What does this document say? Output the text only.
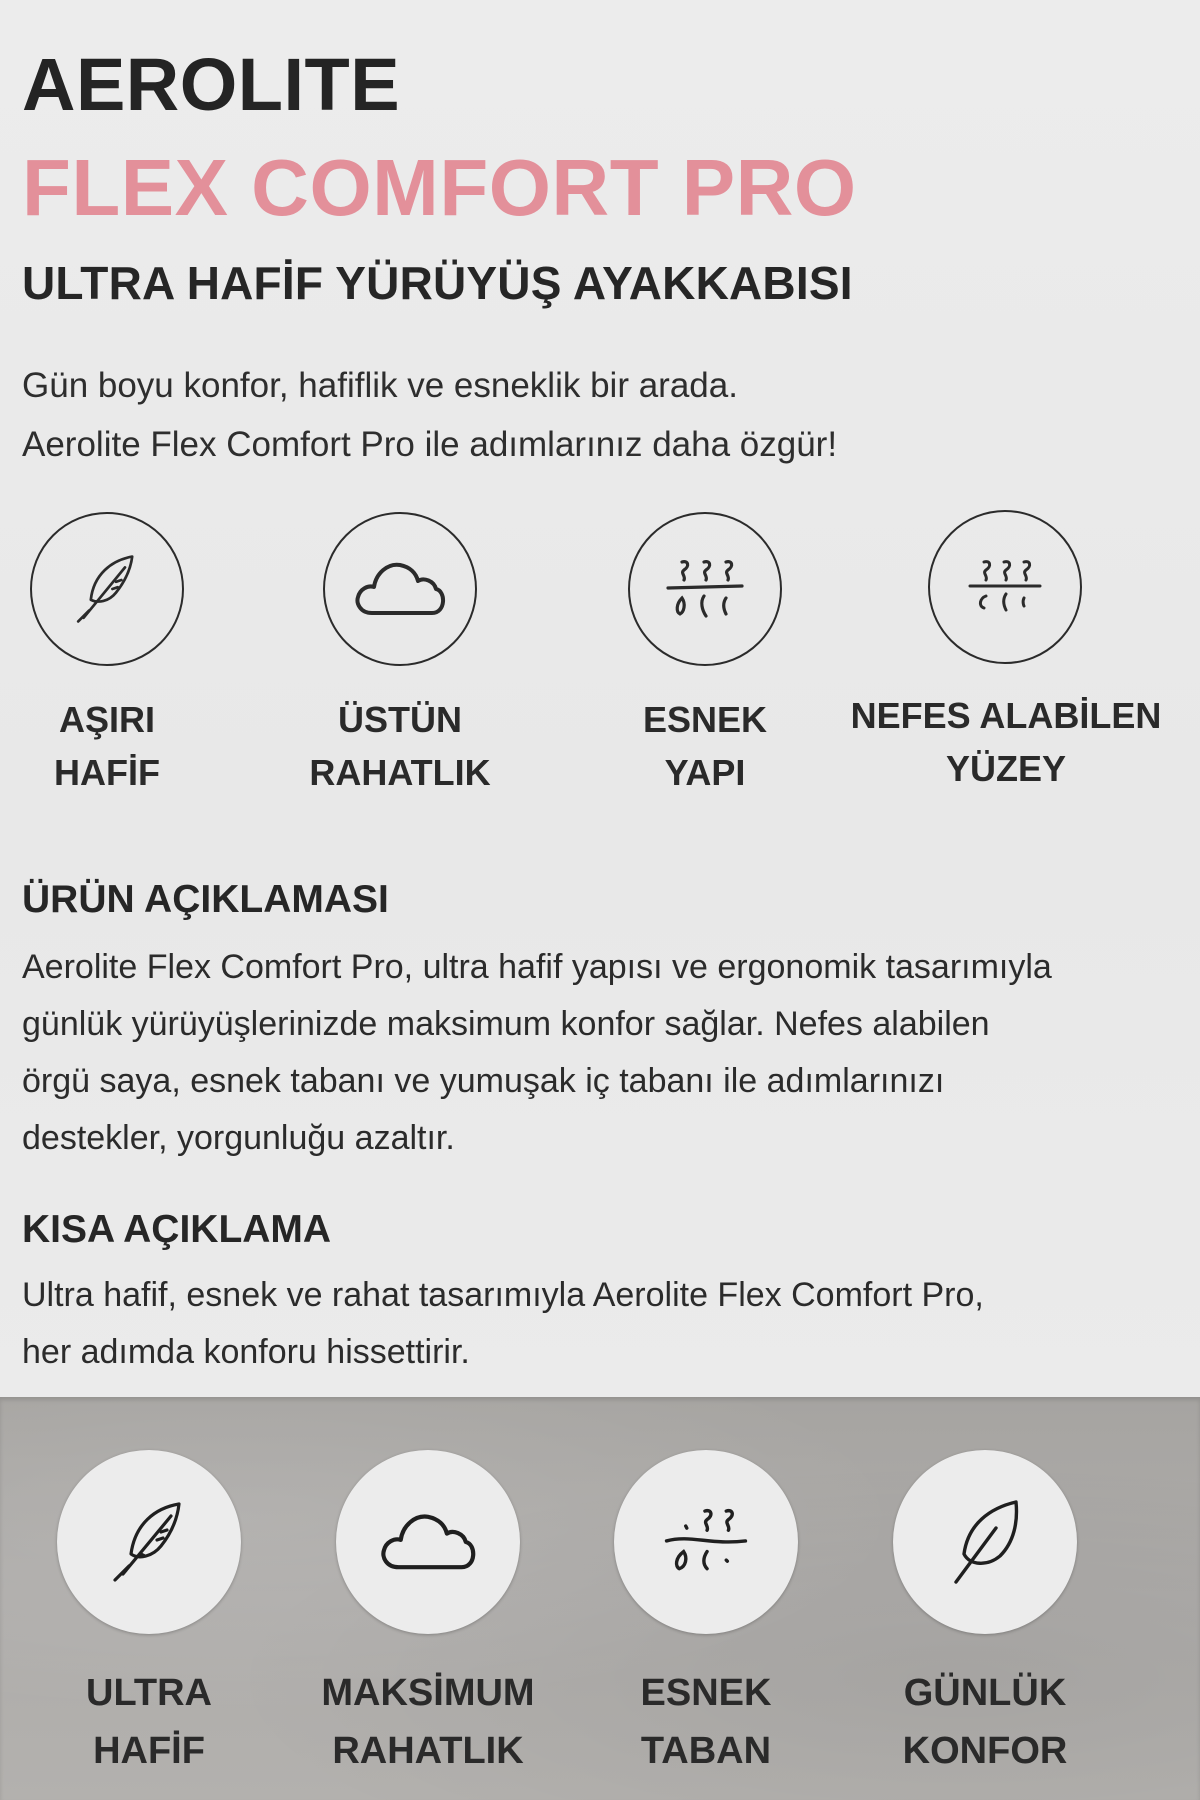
AEROLITE
FLEX COMFORT PRO
ULTRA HAFİF YÜRÜYÜŞ AYAKKABISI
Gün boyu konfor, hafiflik ve esneklik bir arada.
Aerolite Flex Comfort Pro ile adımlarınız daha özgür!
AŞIRI
HAFİF
ÜSTÜN
RAHATLIK
ESNEK
YAPI
NEFES ALABİLEN
YÜZEY
ÜRÜN AÇIKLAMASI
Aerolite Flex Comfort Pro, ultra hafif yapısı ve ergonomik tasarımıyla
günlük yürüyüşlerinizde maksimum konfor sağlar. Nefes alabilen
örgü saya, esnek tabanı ve yumuşak iç tabanı ile adımlarınızı
destekler, yorgunluğu azaltır.
KISA AÇIKLAMA
Ultra hafif, esnek ve rahat tasarımıyla Aerolite Flex Comfort Pro,
her adımda konforu hissettirir.
ULTRA
HAFİF
MAKSİMUM
RAHATLIK
ESNEK
TABAN
GÜNLÜK
KONFOR
